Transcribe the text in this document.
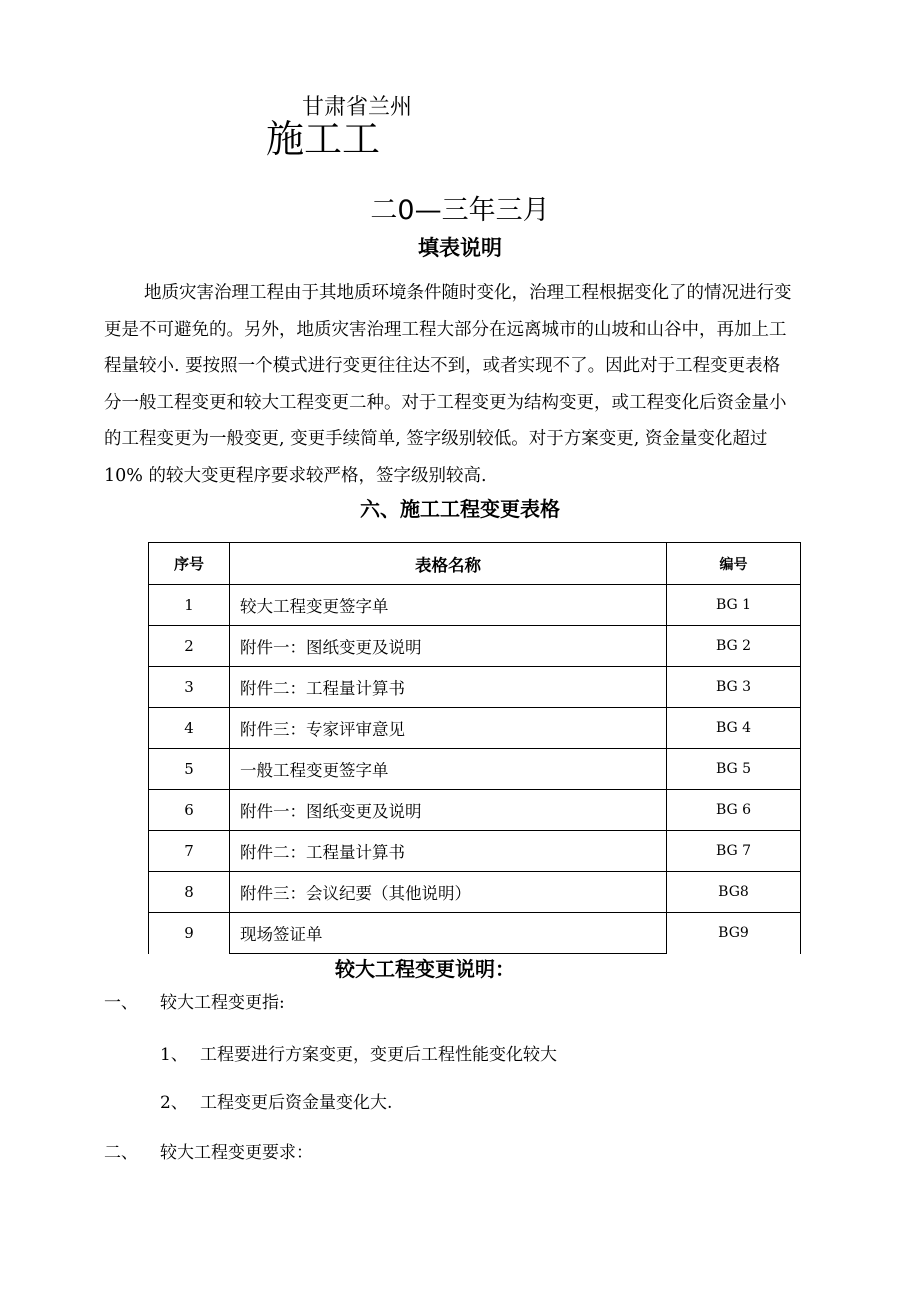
甘肃省兰州
施工工
二0—三年三月
填表说明
地质灾害治理工程由于其地质环境条件随时变化，治理工程根据变化了的情况进行变
更是不可避免的。另外，地质灾害治理工程大部分在远离城市的山坡和山谷中，再加上工
程量较小. 要按照一个模式进行变更往往达不到，或者实现不了。因此对于工程变更表格
分一般工程变更和较大工程变更二种。对于工程变更为结构变更，或工程变化后资金量小
的工程变更为一般变更, 变更手续简单, 签字级别较低。对于方案变更, 资金量变化超过
10% 的较大变更程序要求较严格，签字级别较高.
六、施工工程变更表格
序号	表格名称	编号
1	较大工程变更签字单	BG 1
2	附件一：图纸变更及说明	BG 2
3	附件二：工程量计算书	BG 3
4	附件三：专家评审意见	BG 4
5	一般工程变更签字单	BG 5
6	附件一：图纸变更及说明	BG 6
7	附件二：工程量计算书	BG 7
8	附件三：会议纪要（其他说明）	BG8
9	现场签证单	BG9
较大工程变更说明：
一、 较大工程变更指:
1、 工程要进行方案变更，变更后工程性能变化较大
2、 工程变更后资金量变化大.
二、 较大工程变更要求：
